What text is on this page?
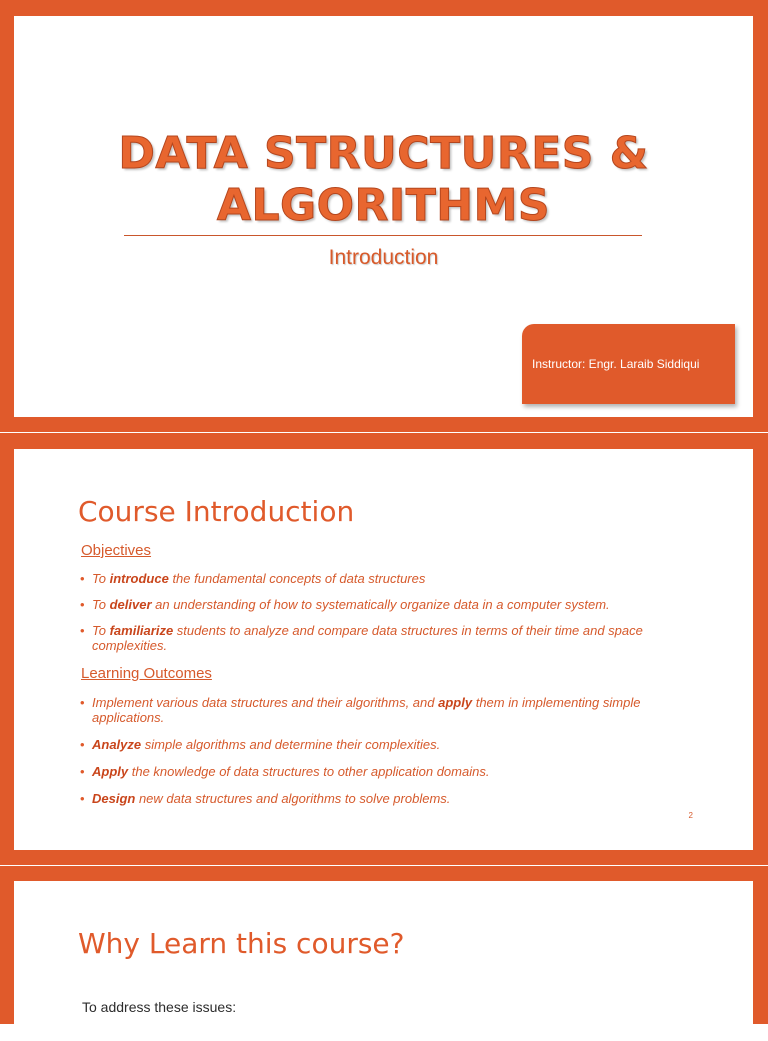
DATA STRUCTURES &
ALGORITHMS
Introduction
Instructor: Engr. Laraib Siddiqui
Course Introduction
Objectives
• To introduce the fundamental concepts of data structures
• To deliver an understanding of how to systematically organize data in a computer system.
• To familiarize students to analyze and compare data structures in terms of their time and space complexities.
Learning Outcomes
• Implement various data structures and their algorithms, and apply them in implementing simple applications.
• Analyze simple algorithms and determine their complexities.
• Apply the knowledge of data structures to other application domains.
• Design new data structures and algorithms to solve problems.
2
Why Learn this course?
To address these issues:
